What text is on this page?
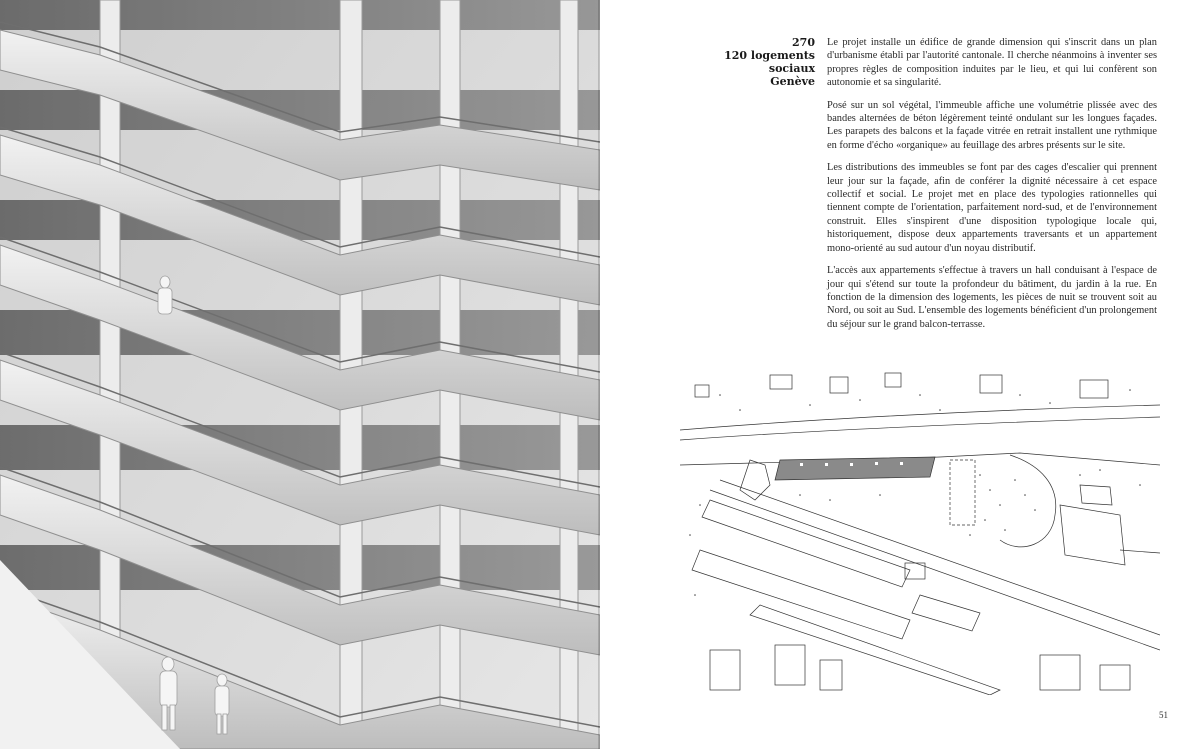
270
120 logements sociaux
Genève

Le projet installe un édifice de grande dimension qui s'inscrit dans un plan d'urbanisme établi par l'autorité cantonale. Il cherche néanmoins à inventer ses propres règles de composition induites par le lieu, et qui lui confèrent son autonomie et sa singularité.

Posé sur un sol végétal, l'immeuble affiche une volumétrie plissée avec des bandes alternées de béton légèrement teinté ondulant sur les longues façades. Les parapets des balcons et la façade vitrée en retrait installent une rythmique en forme d'écho «organique» au feuillage des arbres présents sur le site.

Les distributions des immeubles se font par des cages d'escalier qui prennent leur jour sur la façade, afin de conférer la dignité nécessaire à cet espace collectif et social. Le projet met en place des typologies rationnelles qui tiennent compte de l'orientation, parfaitement nord-sud, et de l'environnement construit. Elles s'inspirent d'une disposition typologique locale qui, historiquement, dispose deux appartements traversants et un appartement mono-orienté au sud autour d'un noyau distributif.

L'accès aux appartements s'effectue à travers un hall conduisant à l'espace de jour qui s'étend sur toute la profondeur du bâtiment, du jardin à la rue. En fonction de la dimension des logements, les pièces de nuit se trouvent soit au Nord, ou soit au Sud. L'ensemble des logements bénéficient d'un prolongement du séjour sur le grand balcon-terrasse.

51
